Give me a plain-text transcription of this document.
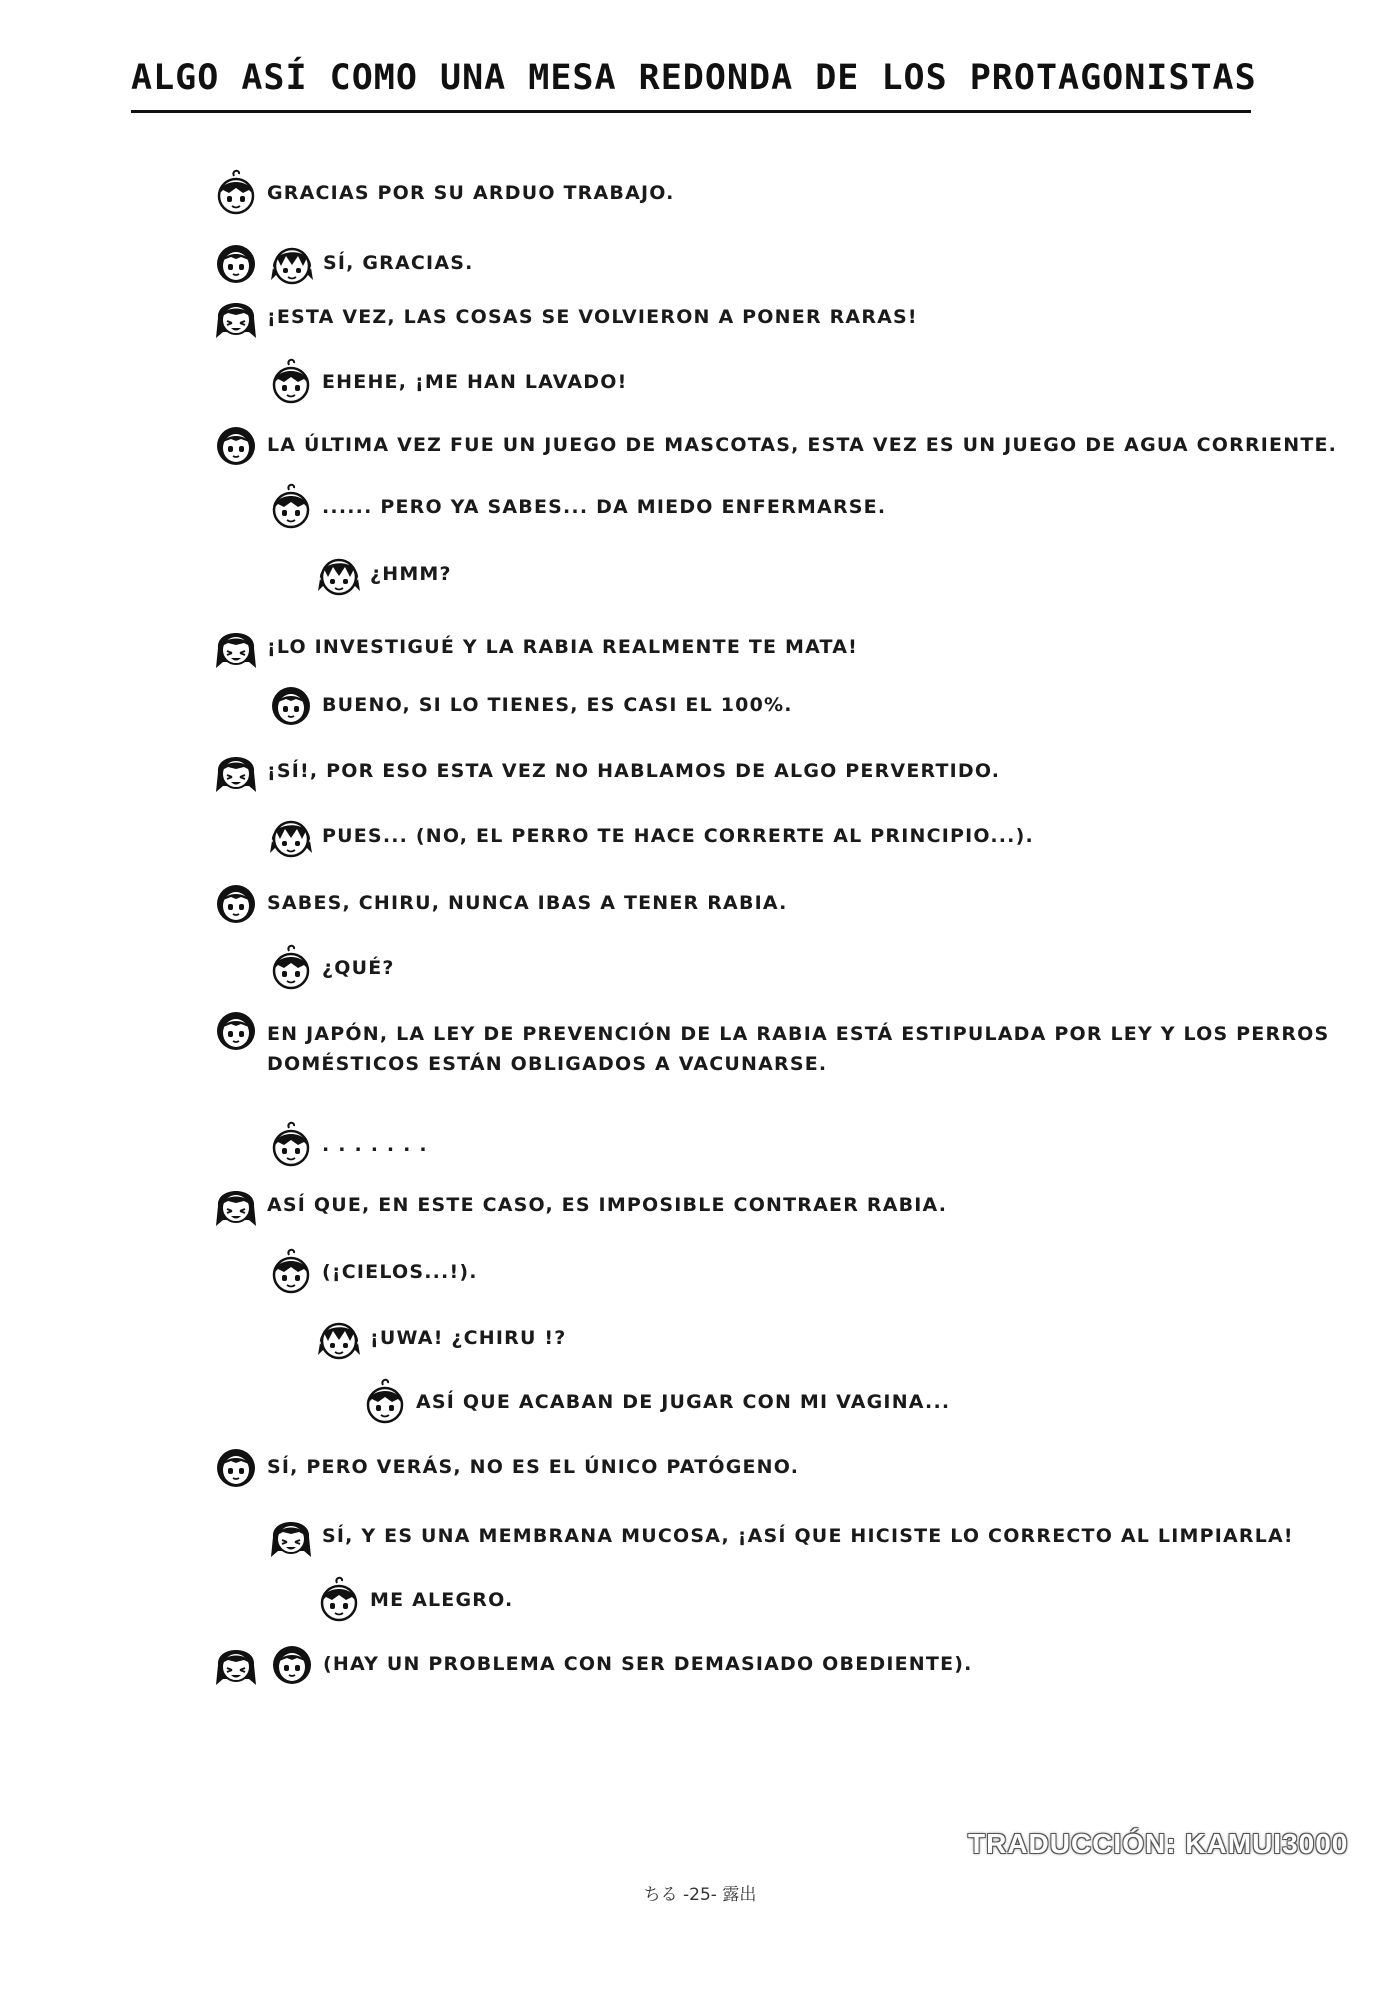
ALGO ASÍ COMO UNA MESA REDONDA DE LOS PROTAGONISTAS
GRACIAS POR SU ARDUO TRABAJO.
SÍ, GRACIAS.
¡ESTA VEZ, LAS COSAS SE VOLVIERON A PONER RARAS!
EHEHE, ¡ME HAN LAVADO!
LA ÚLTIMA VEZ FUE UN JUEGO DE MASCOTAS, ESTA VEZ ES UN JUEGO DE AGUA CORRIENTE.
...... PERO YA SABES... DA MIEDO ENFERMARSE.
¿HMM?
¡LO INVESTIGUÉ Y LA RABIA REALMENTE TE MATA!
BUENO, SI LO TIENES, ES CASI EL 100%.
¡SÍ!, POR ESO ESTA VEZ NO HABLAMOS DE ALGO PERVERTIDO.
PUES... (NO, EL PERRO TE HACE CORRERTE AL PRINCIPIO...).
SABES, CHIRU, NUNCA IBAS A TENER RABIA.
¿QUÉ?
EN JAPÓN, LA LEY DE PREVENCIÓN DE LA RABIA ESTÁ ESTIPULADA POR LEY Y LOS PERROS DOMÉSTICOS ESTÁN OBLIGADOS A VACUNARSE.
. . . . . . .
ASÍ QUE, EN ESTE CASO, ES IMPOSIBLE CONTRAER RABIA.
(¡CIELOS...!).
¡UWA! ¿CHIRU !?
ASÍ QUE ACABAN DE JUGAR CON MI VAGINA...
SÍ, PERO VERÁS, NO ES EL ÚNICO PATÓGENO.
SÍ, Y ES UNA MEMBRANA MUCOSA, ¡ASÍ QUE HICISTE LO CORRECTO AL LIMPIARLA!
ME ALEGRO.
(HAY UN PROBLEMA CON SER DEMASIADO OBEDIENTE).
TRADUCCIÓN: KAMUI3000
ちる -25- 露出
